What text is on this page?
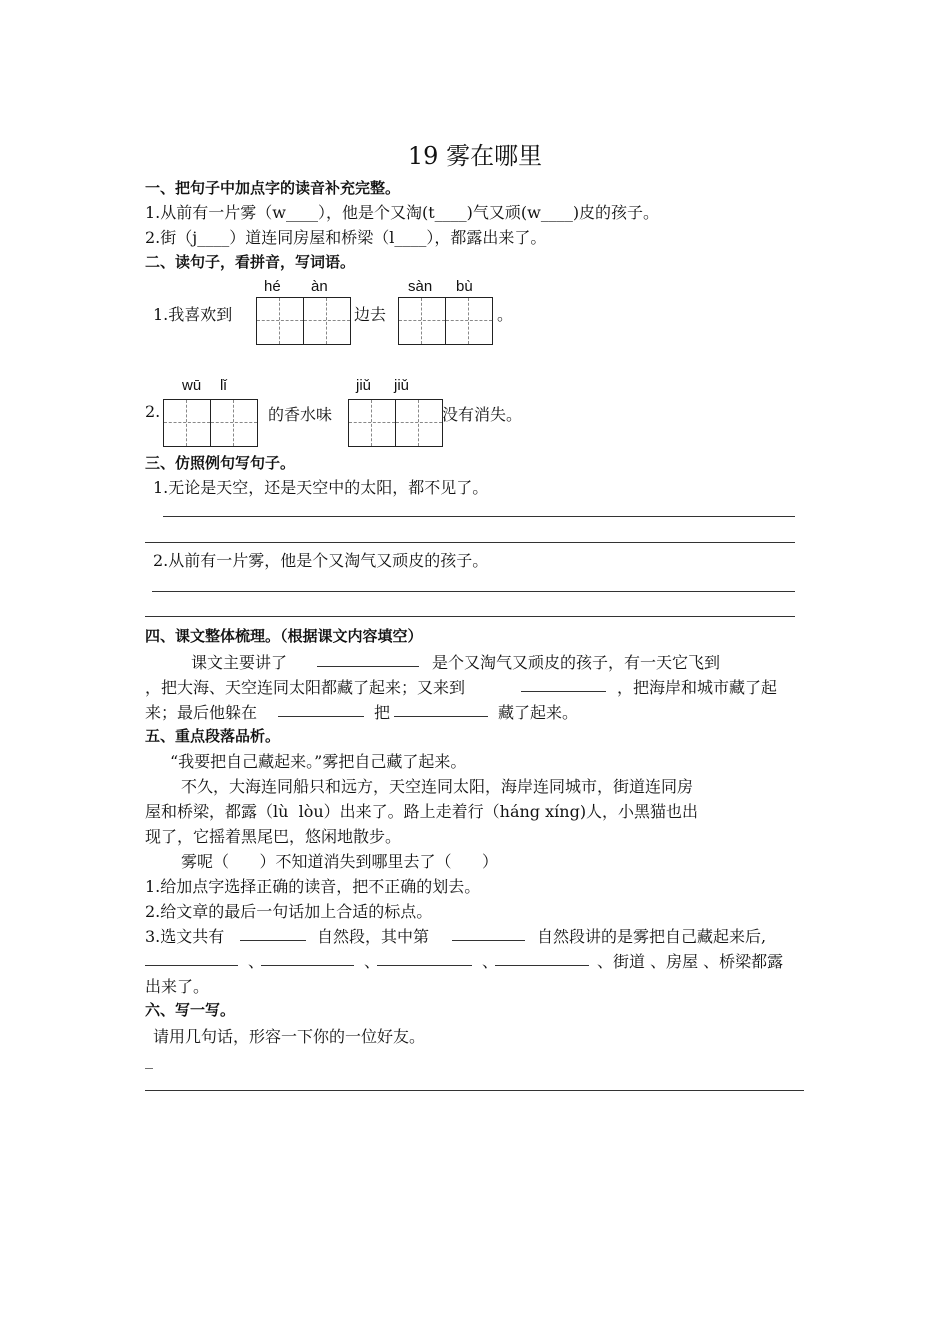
19 雾在哪里
一、把句子中加点字的读音补充完整。
1.从前有一片雾（w____），他是个又淘(t____)气又顽(w____)皮的孩子。
2.街（j____）道连同房屋和桥梁（l____），都露出来了。
二、读句子，看拼音，写词语。
hé àn	sàn bù
1.我喜欢到	边去	。
wū lǐ	jiǔ jiǔ
2.	的香水味	没有消失。
三、仿照例句写句子。
1.无论是天空，还是天空中的太阳，都不见了。
2.从前有一片雾，他是个又淘气又顽皮的孩子。
四、课文整体梳理。（根据课文内容填空）
课文主要讲了	是个又淘气又顽皮的孩子，有一天它飞到
，把大海、天空连同太阳都藏了起来；又来到	，把海岸和城市藏了起
来；最后他躲在	把	藏了起来。
五、重点段落品析。
“我要把自己藏起来。”雾把自己藏了起来。
不久，大海连同船只和远方，天空连同太阳，海岸连同城市，街道连同房
屋和桥梁，都露（lù  lòu）出来了。路上走着行（háng xíng)人，小黑猫也出
现了，它摇着黑尾巴，悠闲地散步。
雾呢（      ）不知道消失到哪里去了（      ）
1.给加点字选择正确的读音，把不正确的划去。
2.给文章的最后一句话加上合适的标点。
3.选文共有	自然段，其中第	自然段讲的是雾把自己藏起来后,
、	、	、	、街道 、房屋 、桥梁都露
出来了。
六、写一写。
请用几句话，形容一下你的一位好友。
_
